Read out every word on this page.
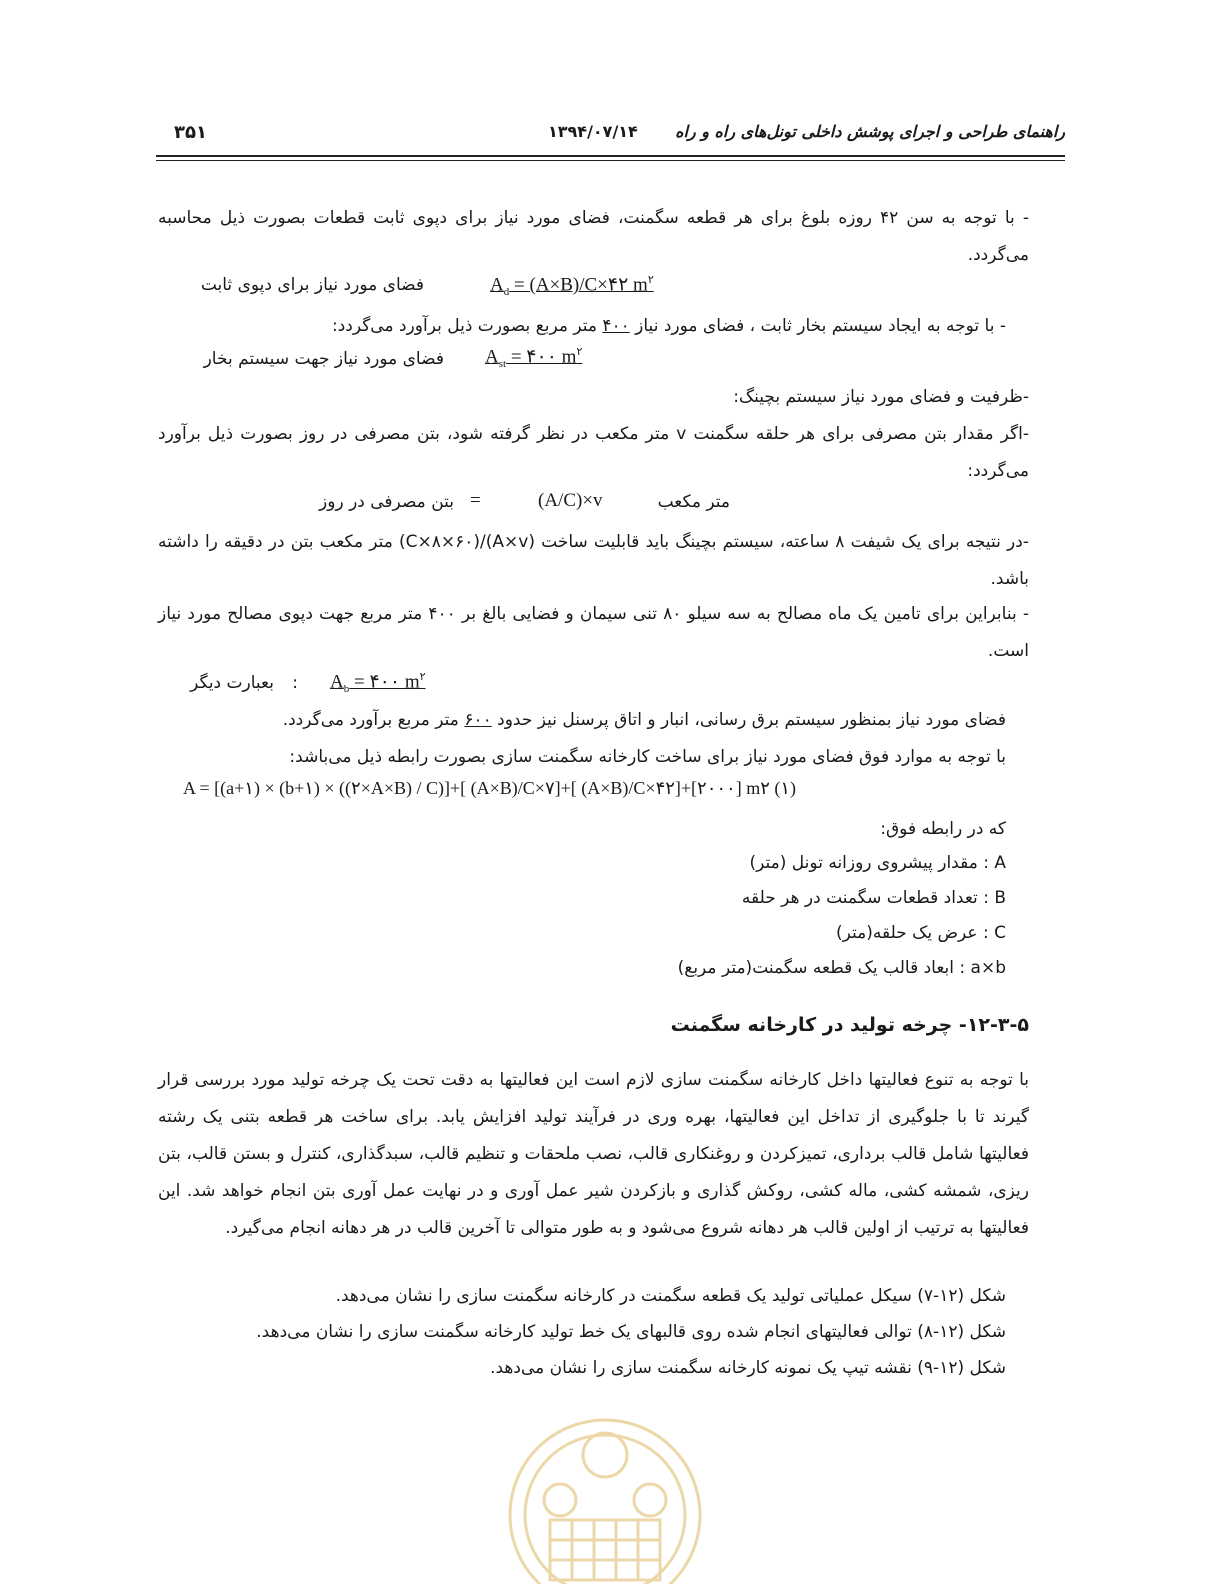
راهنمای طراحی و اجرای پوشش داخلی تونل‌های راه و راه
۱۳۹۴/۰۷/۱۴
۳۵۱
- با توجه به سن ۴۲ روزه بلوغ برای هر قطعه سگمنت، فضای مورد نیاز برای دپوی ثابت قطعات بصورت ذیل محاسبه می‌گردد.
فضای مورد نیاز برای دپوی ثابت	$A_d$ = (A×B)/C×۴۲ $m^۲$
- با توجه به ایجاد سیستم بخار ثابت ، فضای مورد نیاز ۴۰۰ متر مربع بصورت ذیل برآورد می‌گردد:
فضای مورد نیاز جهت سیستم بخار $A_{st}$ = ۴۰۰ $m^۲$
-ظرفیت و فضای مورد نیاز سیستم بچینگ:
-اگر مقدار بتن مصرفی برای هر حلقه سگمنت v متر مکعب در نظر گرفته شود، بتن مصرفی در روز بصورت ذیل برآورد می‌گردد:
متر مکعب
(A/C)×v
=
بتن مصرفی در روز
-در نتیجه برای یک شیفت ۸ ساعته، سیستم بچینگ باید قابلیت ساخت (A×v)/(C×۸×۶۰) متر مکعب بتن در دقیقه را داشته باشد.
- بنابراین برای تامین یک ماه مصالح به سه سیلو ۸۰ تنی سیمان و فضایی بالغ بر ۴۰۰ متر مربع جهت دپوی مصالح مورد نیاز است.
بعبارت دیگر : $A_b$ = ۴۰۰ $m^۲$
فضای مورد نیاز بمنظور سیستم برق رسانی، انبار و اتاق پرسنل نیز حدود ۶۰۰ متر مربع برآورد می‌گردد.
با توجه به موارد فوق فضای مورد نیاز برای ساخت کارخانه سگمنت سازی بصورت رابطه ذیل می‌باشد:
A = [(a+۱) × (b+۱) × ((۲×A×B) / C)]+[ (A×B)/C×۷]+[ (A×B)/C×۴۲]+[۲۰۰۰] m۲ (۱)
که در رابطه فوق:
A : مقدار پیشروی روزانه تونل (متر)
B : تعداد قطعات سگمنت در هر حلقه
C : عرض یک حلقه(متر)
a×b : ابعاد قالب یک قطعه سگمنت(متر مربع)
۱۲-۳-۵- چرخه تولید در کارخانه سگمنت
با توجه به تنوع فعالیتها داخل کارخانه سگمنت سازی لازم است این فعالیتها به دقت تحت یک چرخه تولید مورد بررسی قرار گیرند تا با جلوگیری از تداخل این فعالیتها، بهره وری در فرآیند تولید افزایش یابد. برای ساخت هر قطعه بتنی یک رشته فعالیتها شامل قالب برداری، تمیزکردن و روغنکاری قالب، نصب ملحقات و تنظیم قالب، سبدگذاری، کنترل و بستن قالب، بتن ریزی، شمشه کشی، ماله کشی، روکش گذاری و بازکردن شیر عمل آوری و در نهایت عمل آوری بتن انجام خواهد شد. این فعالیتها به ترتیب از اولین قالب هر دهانه شروع می‌شود و به طور متوالی تا آخرین قالب در هر دهانه انجام می‌گیرد.
شکل (۱۲-۷) سیکل عملیاتی تولید یک قطعه سگمنت در کارخانه سگمنت سازی را نشان می‌دهد.
شکل (۱۲-۸) توالی فعالیتهای انجام شده روی قالبهای یک خط تولید کارخانه سگمنت سازی را نشان می‌دهد.
شکل (۱۲-۹) نقشه تیپ یک نمونه کارخانه سگمنت سازی را نشان می‌دهد.
